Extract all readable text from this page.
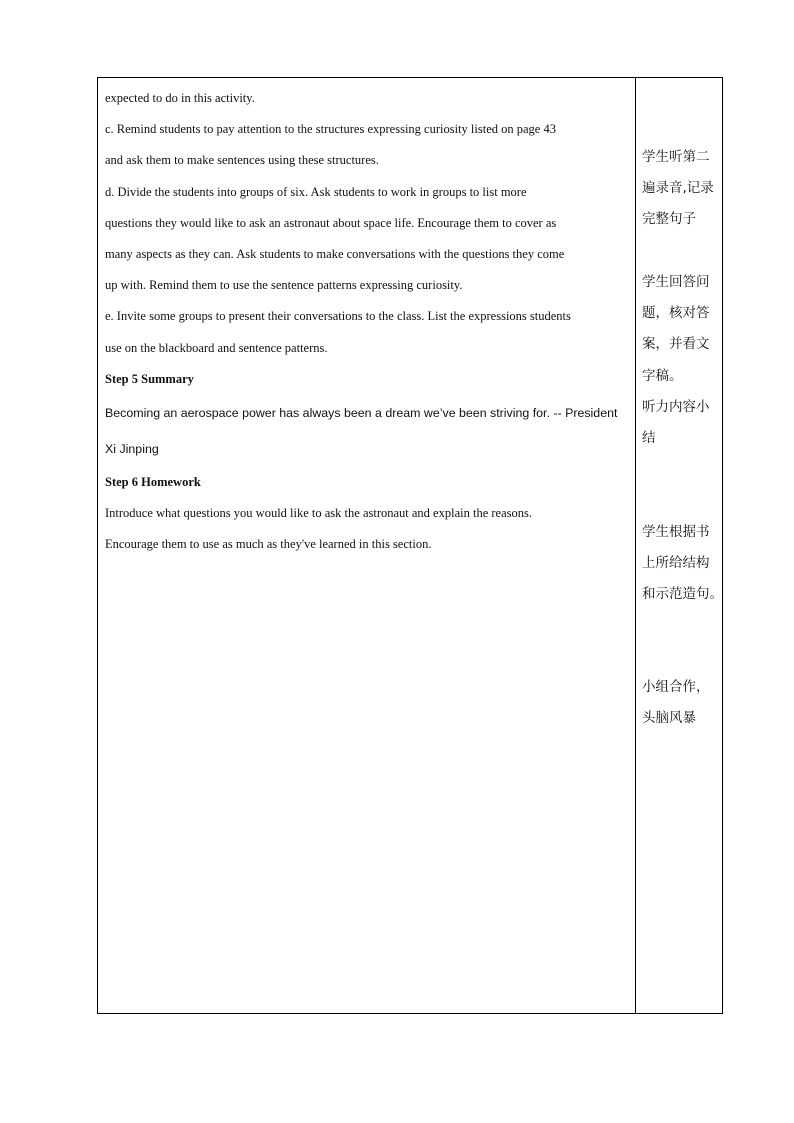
expected to do in this activity.
c. Remind students to pay attention to the structures expressing curiosity listed on page 43
and ask them to make sentences using these structures.
d. Divide the students into groups of six. Ask students to work in groups to list more
questions they would like to ask an astronaut about space life. Encourage them to cover as
many aspects as they can. Ask students to make conversations with the questions they come
up with. Remind them to use the sentence patterns expressing curiosity.
e. Invite some groups to present their conversations to the class. List the expressions students
use on the blackboard and sentence patterns.
Step 5 Summary
Becoming an aerospace power has always been a dream we’ve been striving for. -- President
Xi Jinping
Step 6 Homework
Introduce what questions you would like to ask the astronaut and explain the reasons.
Encourage them to use as much as they've learned in this section.
学生听第二
遍录音,记录
完整句子
学生回答问
题，核对答
案，并看文
字稿。
听力内容小
结
学生根据书
上所给结构
和示范造句。
小组合作，
头脑风暴
